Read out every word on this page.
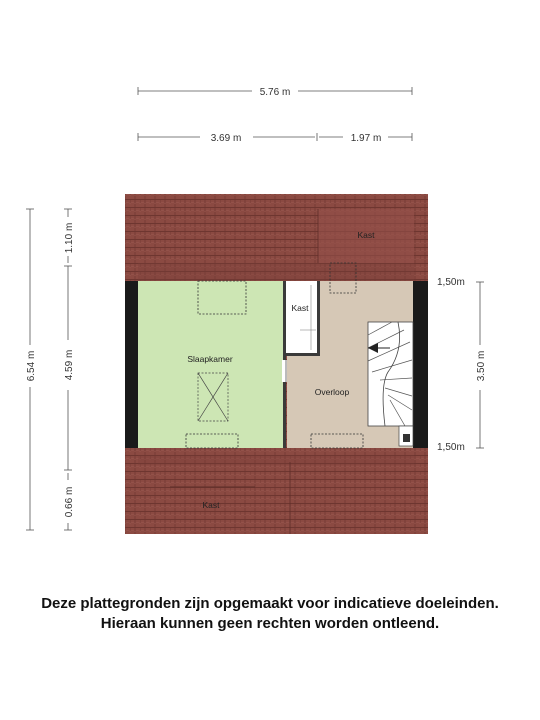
5.76 m
3.69 m	1.97 m
6.54 m
1.10 m
4.59 m
0.66 m
3.50 m
1,50m
1,50m
Kast
Kast
Slaapkamer
Overloop
Kast
Deze plattegronden zijn opgemaakt voor indicatieve doeleinden.
Hieraan kunnen geen rechten worden ontleend.
